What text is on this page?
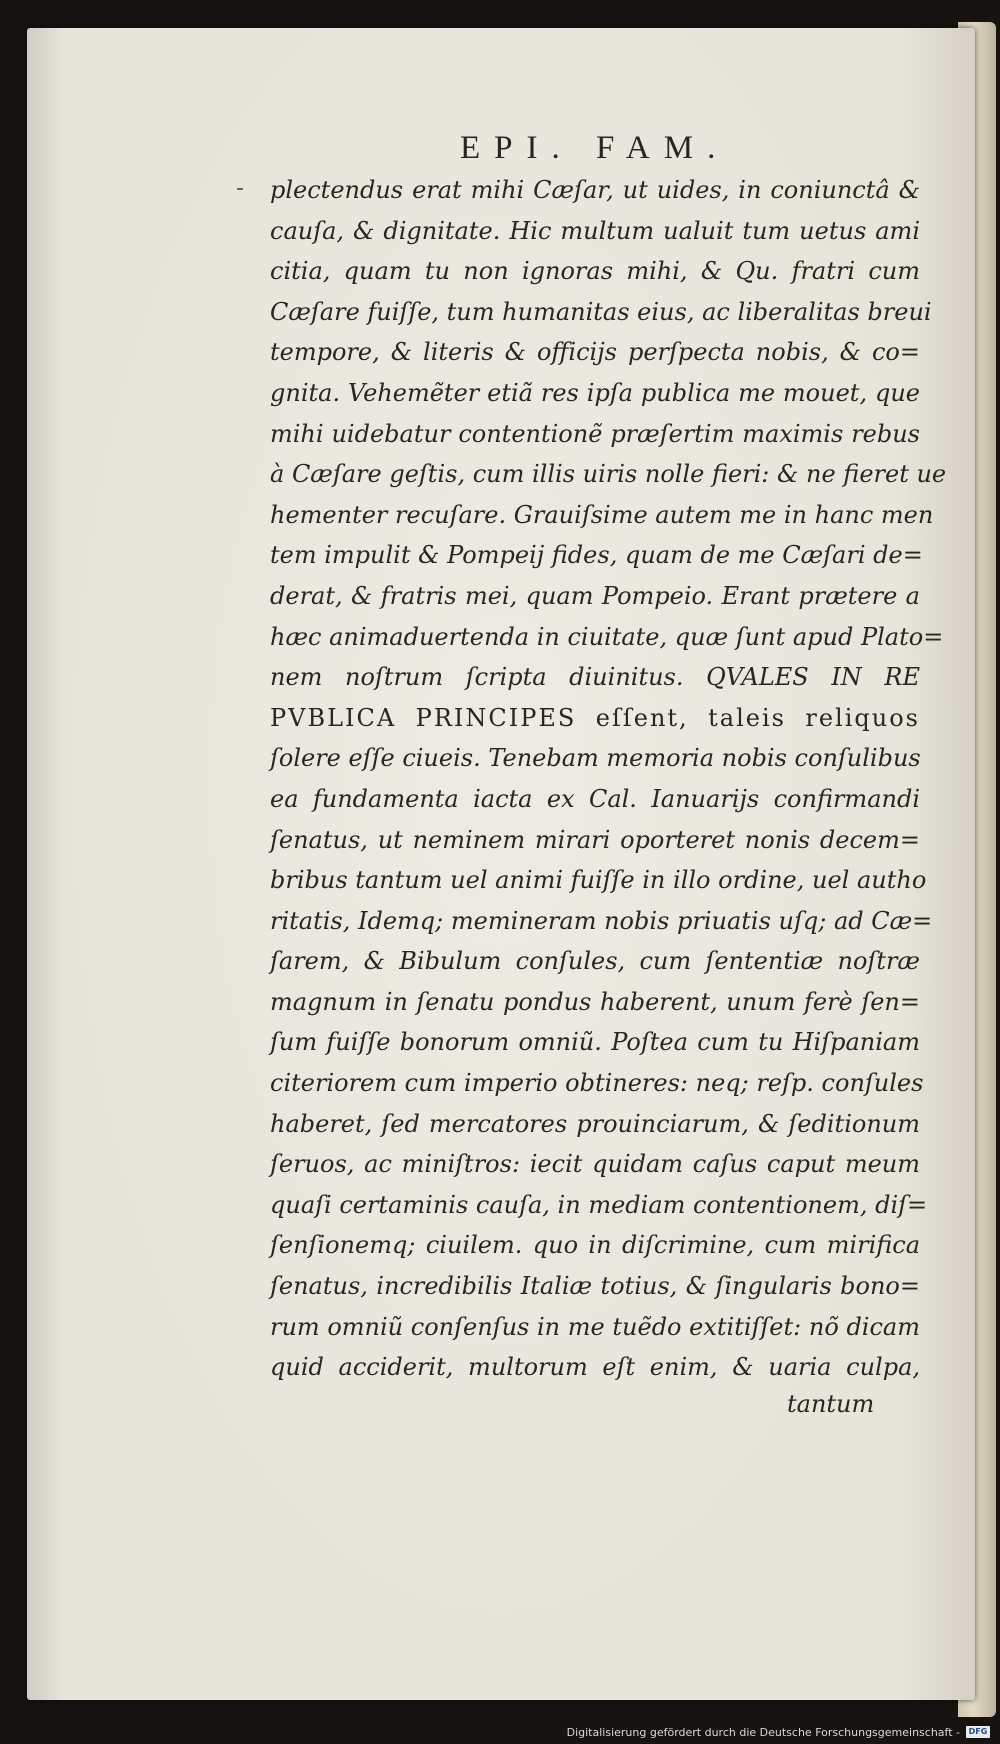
EPI. FAM.
plectendus erat mihi Cæſar, ut uides, in coniunctâ &
cauſa, & dignitate. Hic multum ualuit tum uetus ami
citia, quam tu non ignoras mihi, & Qu. fratri cum
Cæſare fuiſſe, tum humanitas eius, ac liberalitas breui
tempore, & literis & officijs perſpecta nobis, & co=
gnita. Vehemẽter etiã res ipſa publica me mouet, que
mihi uidebatur contentionẽ præſertim maximis rebus
à Cæſare geſtis, cum illis uiris nolle fieri: & ne fieret ue
hementer recuſare. Grauiſsime autem me in hanc men
tem impulit & Pompeij fides, quam de me Cæſari de=
derat, & fratris mei, quam Pompeio. Erant prætere a
hæc animaduertenda in ciuitate, quæ ſunt apud Plato=
nem noſtrum ſcripta diuinitus. QVALES IN RE
PVBLICA PRINCIPES eſſent, taleis reliquos
ſolere eſſe ciueis. Tenebam memoria nobis conſulibus
ea fundamenta iacta ex Cal. Ianuarijs confirmandi
ſenatus, ut neminem mirari oporteret nonis decem=
bribus tantum uel animi fuiſſe in illo ordine, uel autho
ritatis, Idemq; memineram nobis priuatis uſq; ad Cæ=
ſarem, & Bibulum conſules, cum ſententiæ noſtræ
magnum in ſenatu pondus haberent, unum ferè ſen=
ſum fuiſſe bonorum omniũ. Poſtea cum tu Hiſpaniam
citeriorem cum imperio obtineres: neq; reſp. conſules
haberet, ſed mercatores prouinciarum, & ſeditionum
ſeruos, ac miniſtros: iecit quidam caſus caput meum
quaſi certaminis cauſa, in mediam contentionem, diſ=
ſenſionemq; ciuilem. quo in diſcrimine, cum mirifica
ſenatus, incredibilis Italiæ totius, & ſingularis bono=
rum omniũ conſenſus in me tuẽdo extitiſſet: nõ dicam
quid acciderit, multorum eſt enim, & uaria culpa,
tantum
Digitalisierung gefördert durch die Deutsche Forschungsgemeinschaft -	DFG
